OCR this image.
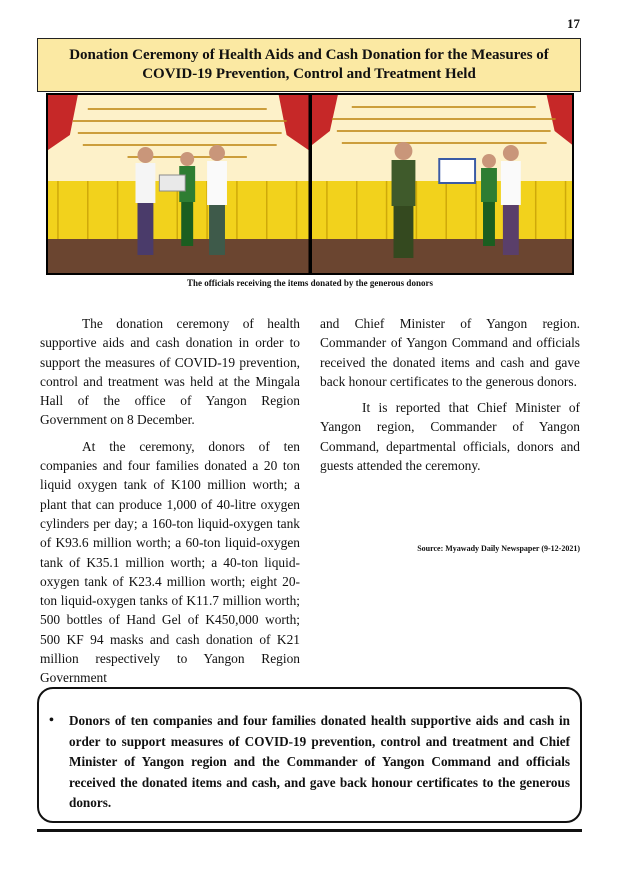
17
Donation Ceremony of Health Aids and Cash Donation for the Measures of COVID-19 Prevention, Control and Treatment Held
The officials receiving the items donated by the generous donors

The donation ceremony of health supportive aids and cash donation in order to support the measures of COVID-19 prevention, control and treatment was held at the Mingala Hall of the office of Yangon Region Government on 8 December.

At the ceremony, donors of ten companies and four families donated a 20 ton liquid oxygen tank of K100 million worth; a plant that can produce 1,000 of 40-litre oxygen cylinders per day; a 160-ton liquid-oxygen tank of K93.6 million worth; a 60-ton liquid-oxygen tank of K35.1 million worth; a 40-ton liquid-oxygen tank of K23.4 million worth; eight 20-ton liquid-oxygen tanks of K11.7 million worth; 500 bottles of Hand Gel of K450,000 worth; 500 KF 94 masks and cash donation of K21 million respectively to Yangon Region Government

and Chief Minister of Yangon region. Commander of Yangon Command and officials received the donated items and cash and gave back honour certificates to the generous donors.

It is reported that Chief Minister of Yangon region, Commander of Yangon Command, departmental officials, donors and guests attended the ceremony.

Source: Myawady Daily Newspaper (9-12-2021)
•	Donors of ten companies and four families donated health supportive aids and cash in order to support measures of COVID-19 prevention, control and treatment and Chief Minister of Yangon region and the Commander of Yangon Command and officials received the donated items and cash, and gave back honour certificates to the generous donors.
